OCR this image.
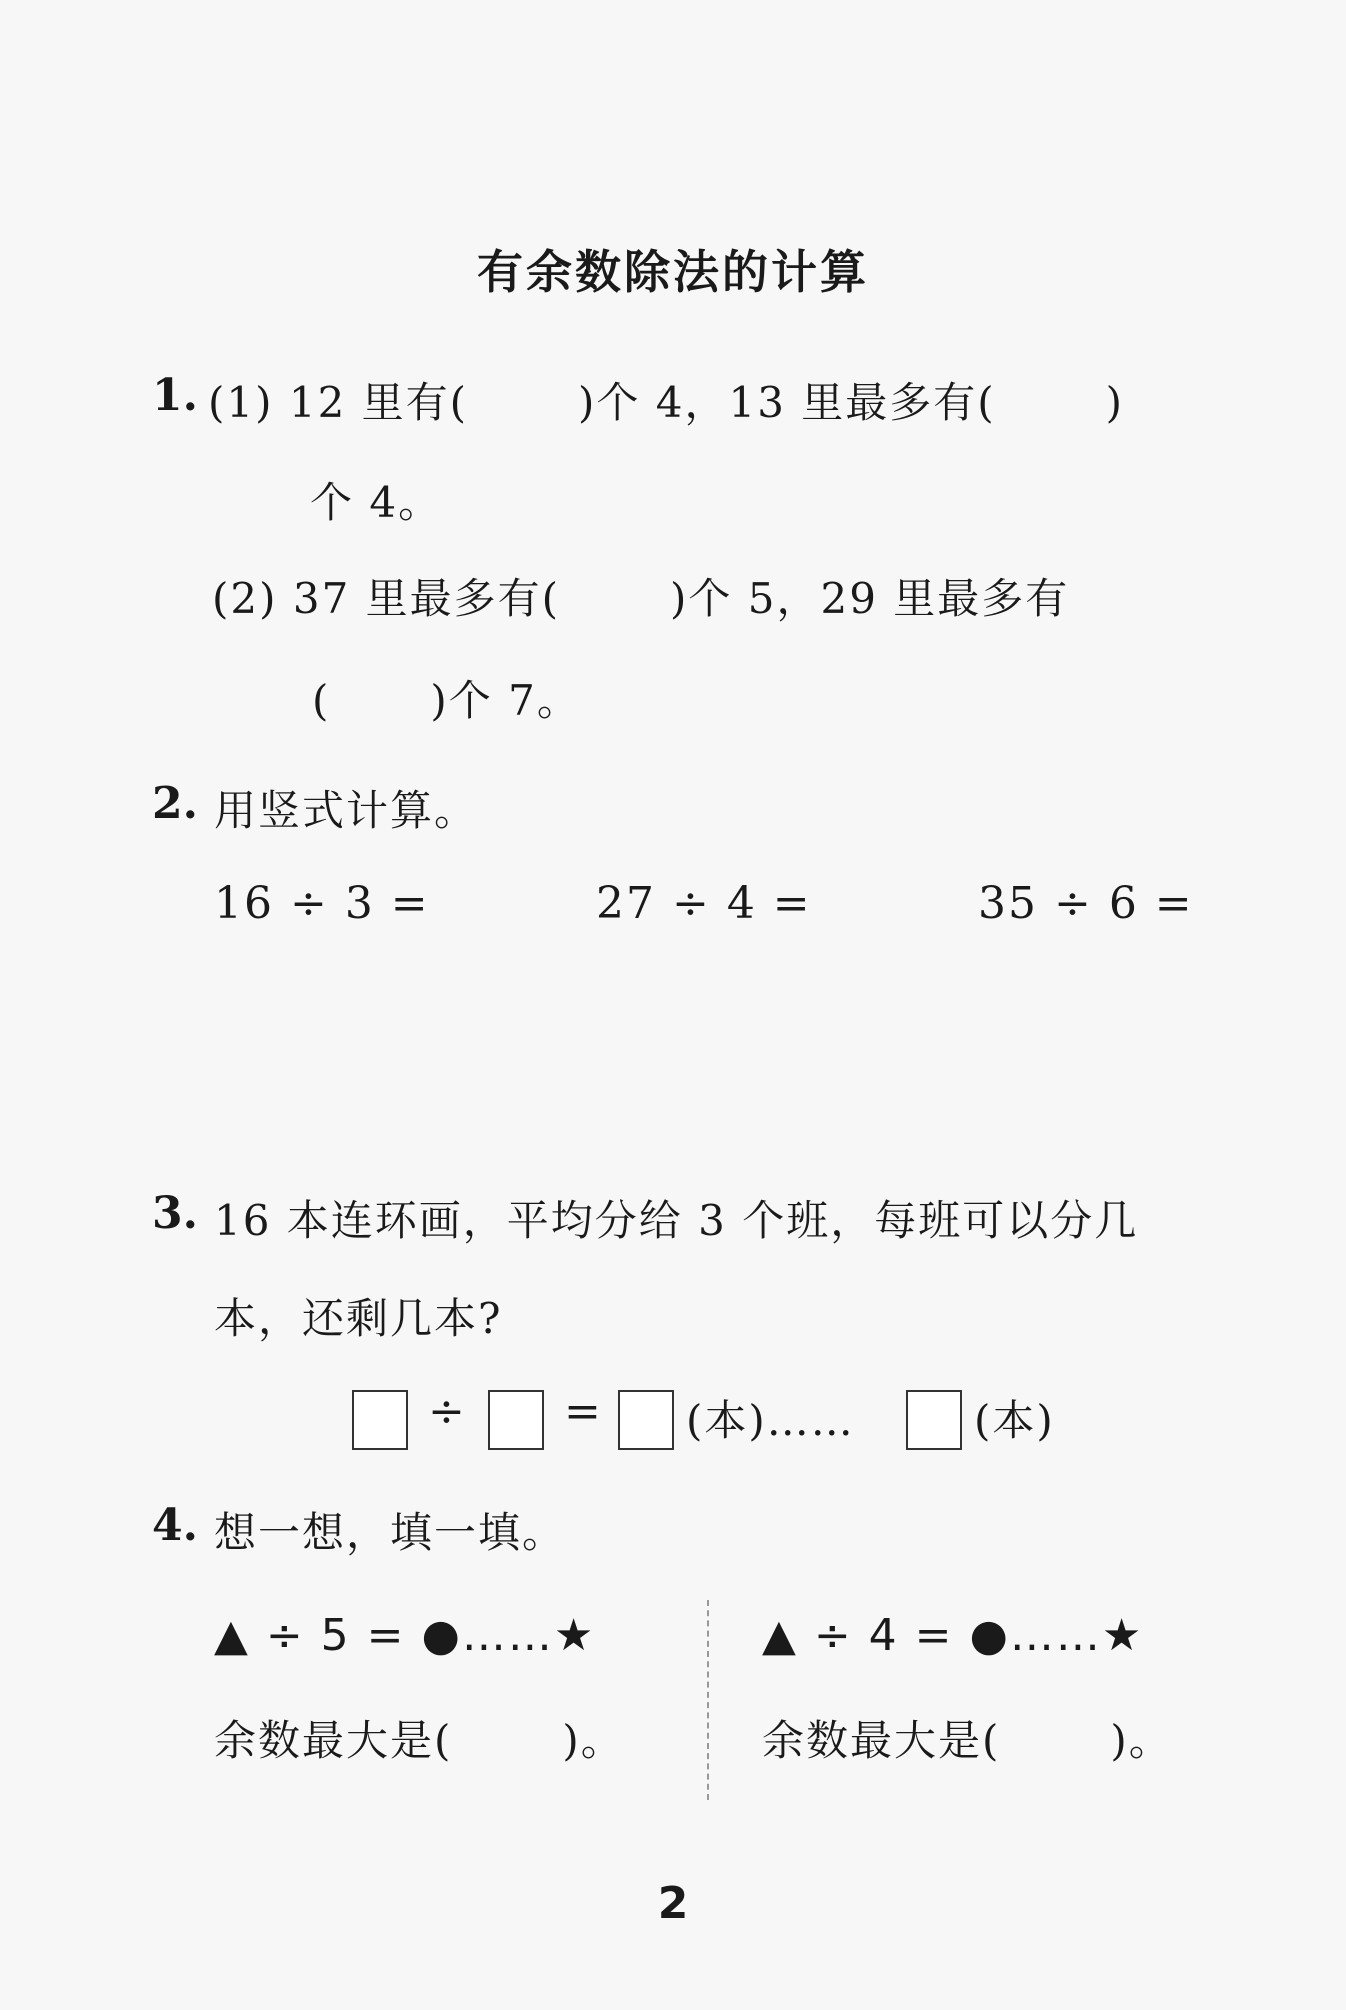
有余数除法的计算
1. (1) 12 里有(	)个 4，13 里最多有(	)
个 4。
(2) 37 里最多有(	)个 5，29 里最多有
( )个 7。
2. 用竖式计算。
16 ÷ 3 =	27 ÷ 4 =	35 ÷ 6 =
3. 16 本连环画，平均分给 3 个班，每班可以分几
本，还剩几本?
÷ = (本)……	(本)
4. 想一想，填一填。
▲ ÷ 5 = ●……★
余数最大是(	)。
▲ ÷ 4 = ●……★
余数最大是(	)。
2
